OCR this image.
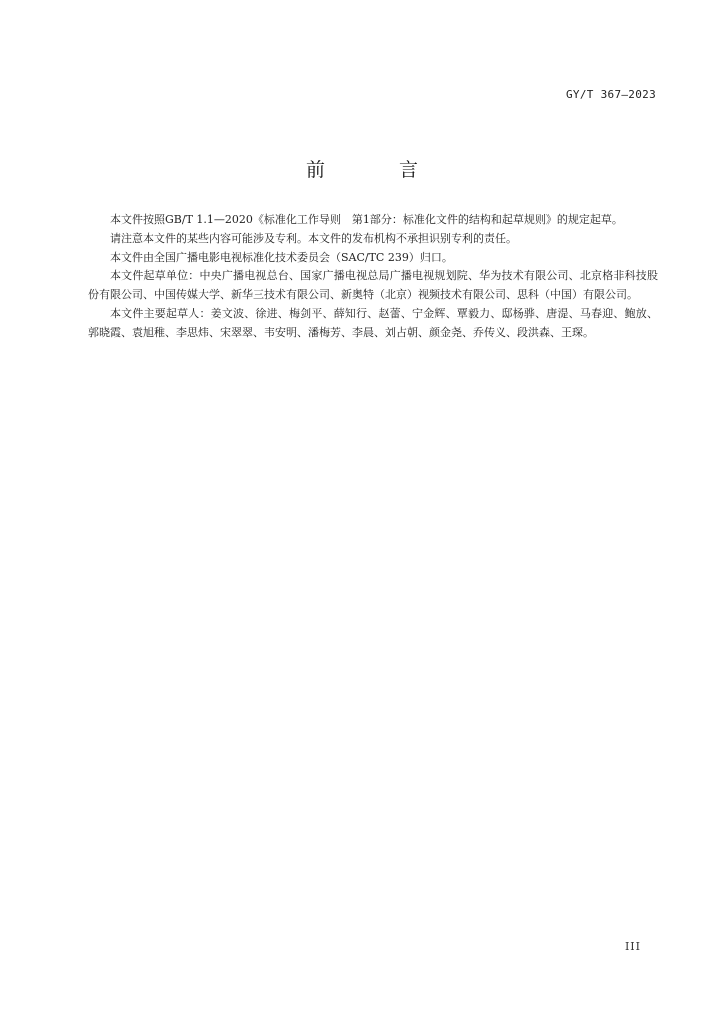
GY/T 367—2023
前 言

本文件按照GB/T 1.1—2020《标准化工作导则　第1部分：标准化文件的结构和起草规则》的规定起草。

请注意本文件的某些内容可能涉及专利。本文件的发布机构不承担识别专利的责任。

本文件由全国广播电影电视标准化技术委员会（SAC/TC 239）归口。

本文件起草单位：中央广播电视总台、国家广播电视总局广播电视规划院、华为技术有限公司、北京格非科技股份有限公司、中国传媒大学、新华三技术有限公司、新奥特（北京）视频技术有限公司、思科（中国）有限公司。

本文件主要起草人：姜文波、徐进、梅剑平、薛知行、赵蕾、宁金辉、覃毅力、邸杨骅、唐湜、马春迎、鲍放、郭晓霞、袁旭稚、李思炜、宋翠翠、韦安明、潘梅芳、李晨、刘占朝、颜金尧、乔传义、段洪森、王琛。

III
